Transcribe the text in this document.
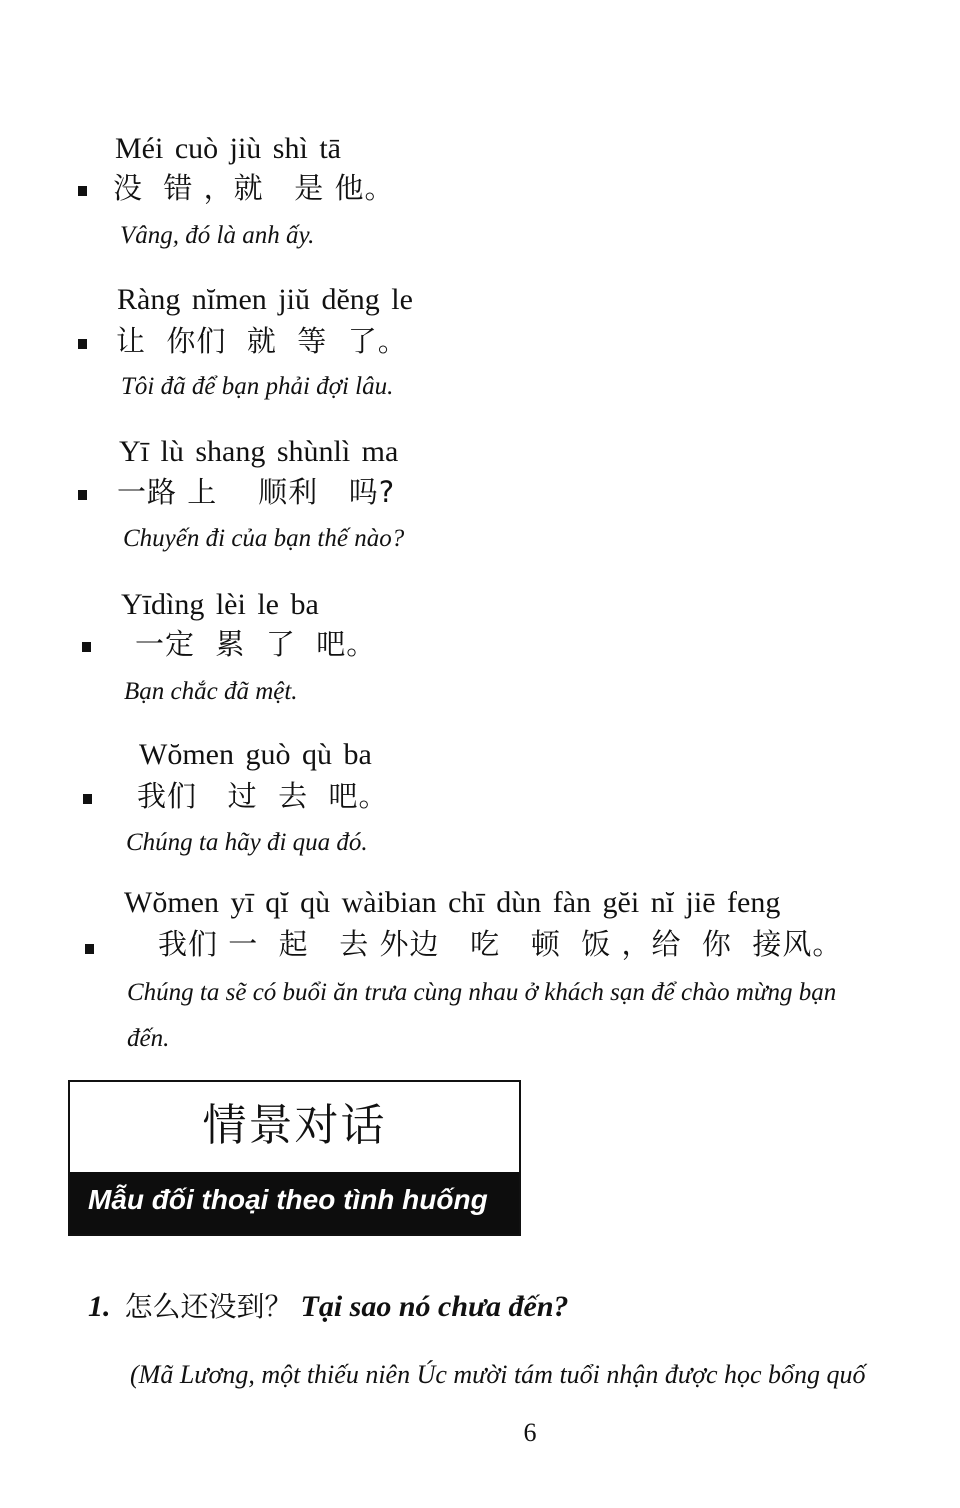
Méi cuò jiù shì tā
没  错 ，就   是 他。
Vâng, đó là anh ấy.
Ràng nĭmen jiŭ dĕng le
让  你们  就  等  了。
Tôi đã để bạn phải đợi lâu.
Yī lù shang shùnlì ma
一路 上    顺利   吗?
Chuyến đi của bạn thế nào?
Yīdìng lèi le ba
一定  累  了  吧。
Bạn chắc đã mệt.
Wŏmen guò qù ba
我们   过  去  吧。
Chúng ta hãy đi qua đó.
Wŏmen yī qĭ qù wàibian chī dùn fàn gĕi nĭ jiē feng
我们 一  起   去 外边   吃   顿  饭 ，给  你  接风。
Chúng ta sẽ có buổi ăn trưa cùng nhau ở khách sạn để chào mừng bạn
đến.
情景对话
Mẫu đối thoại theo tình huống
1. 怎么还没到？ Tại sao nó chưa đến?
(Mã Lương, một thiếu niên Úc mười tám tuổi nhận được học bổng quố
6
